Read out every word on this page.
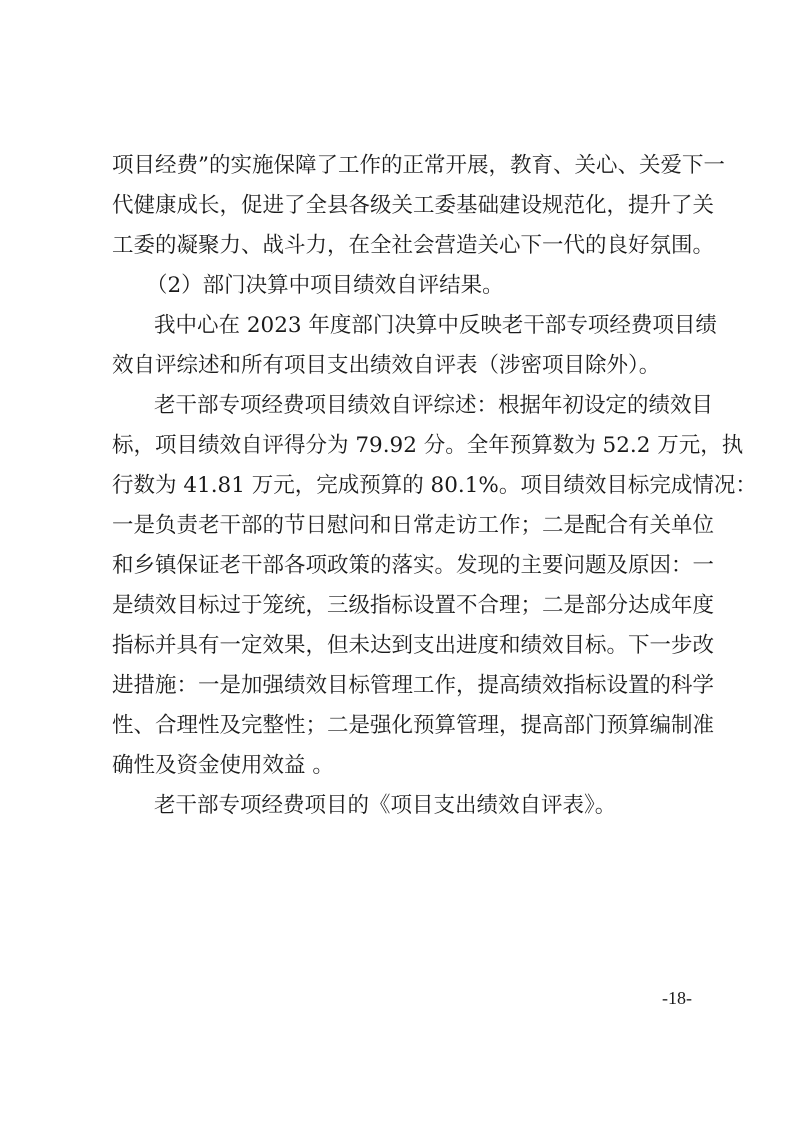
项目经费”的实施保障了工作的正常开展，教育、关心、关爱下一
代健康成长，促进了全县各级关工委基础建设规范化，提升了关
工委的凝聚力、战斗力，在全社会营造关心下一代的良好氛围。
（2）部门决算中项目绩效自评结果。
我中心在 2023 年度部门决算中反映老干部专项经费项目绩
效自评综述和所有项目支出绩效自评表（涉密项目除外）。
老干部专项经费项目绩效自评综述：根据年初设定的绩效目
标，项目绩效自评得分为 79.92 分。全年预算数为 52.2 万元，执
行数为 41.81 万元，完成预算的 80.1%。项目绩效目标完成情况：
一是负责老干部的节日慰问和日常走访工作；二是配合有关单位
和乡镇保证老干部各项政策的落实。发现的主要问题及原因：一
是绩效目标过于笼统，三级指标设置不合理；二是部分达成年度
指标并具有一定效果，但未达到支出进度和绩效目标。下一步改
进措施：一是加强绩效目标管理工作，提高绩效指标设置的科学
性、合理性及完整性；二是强化预算管理，提高部门预算编制准
确性及资金使用效益 。
老干部专项经费项目的《项目支出绩效自评表》。
-18-
